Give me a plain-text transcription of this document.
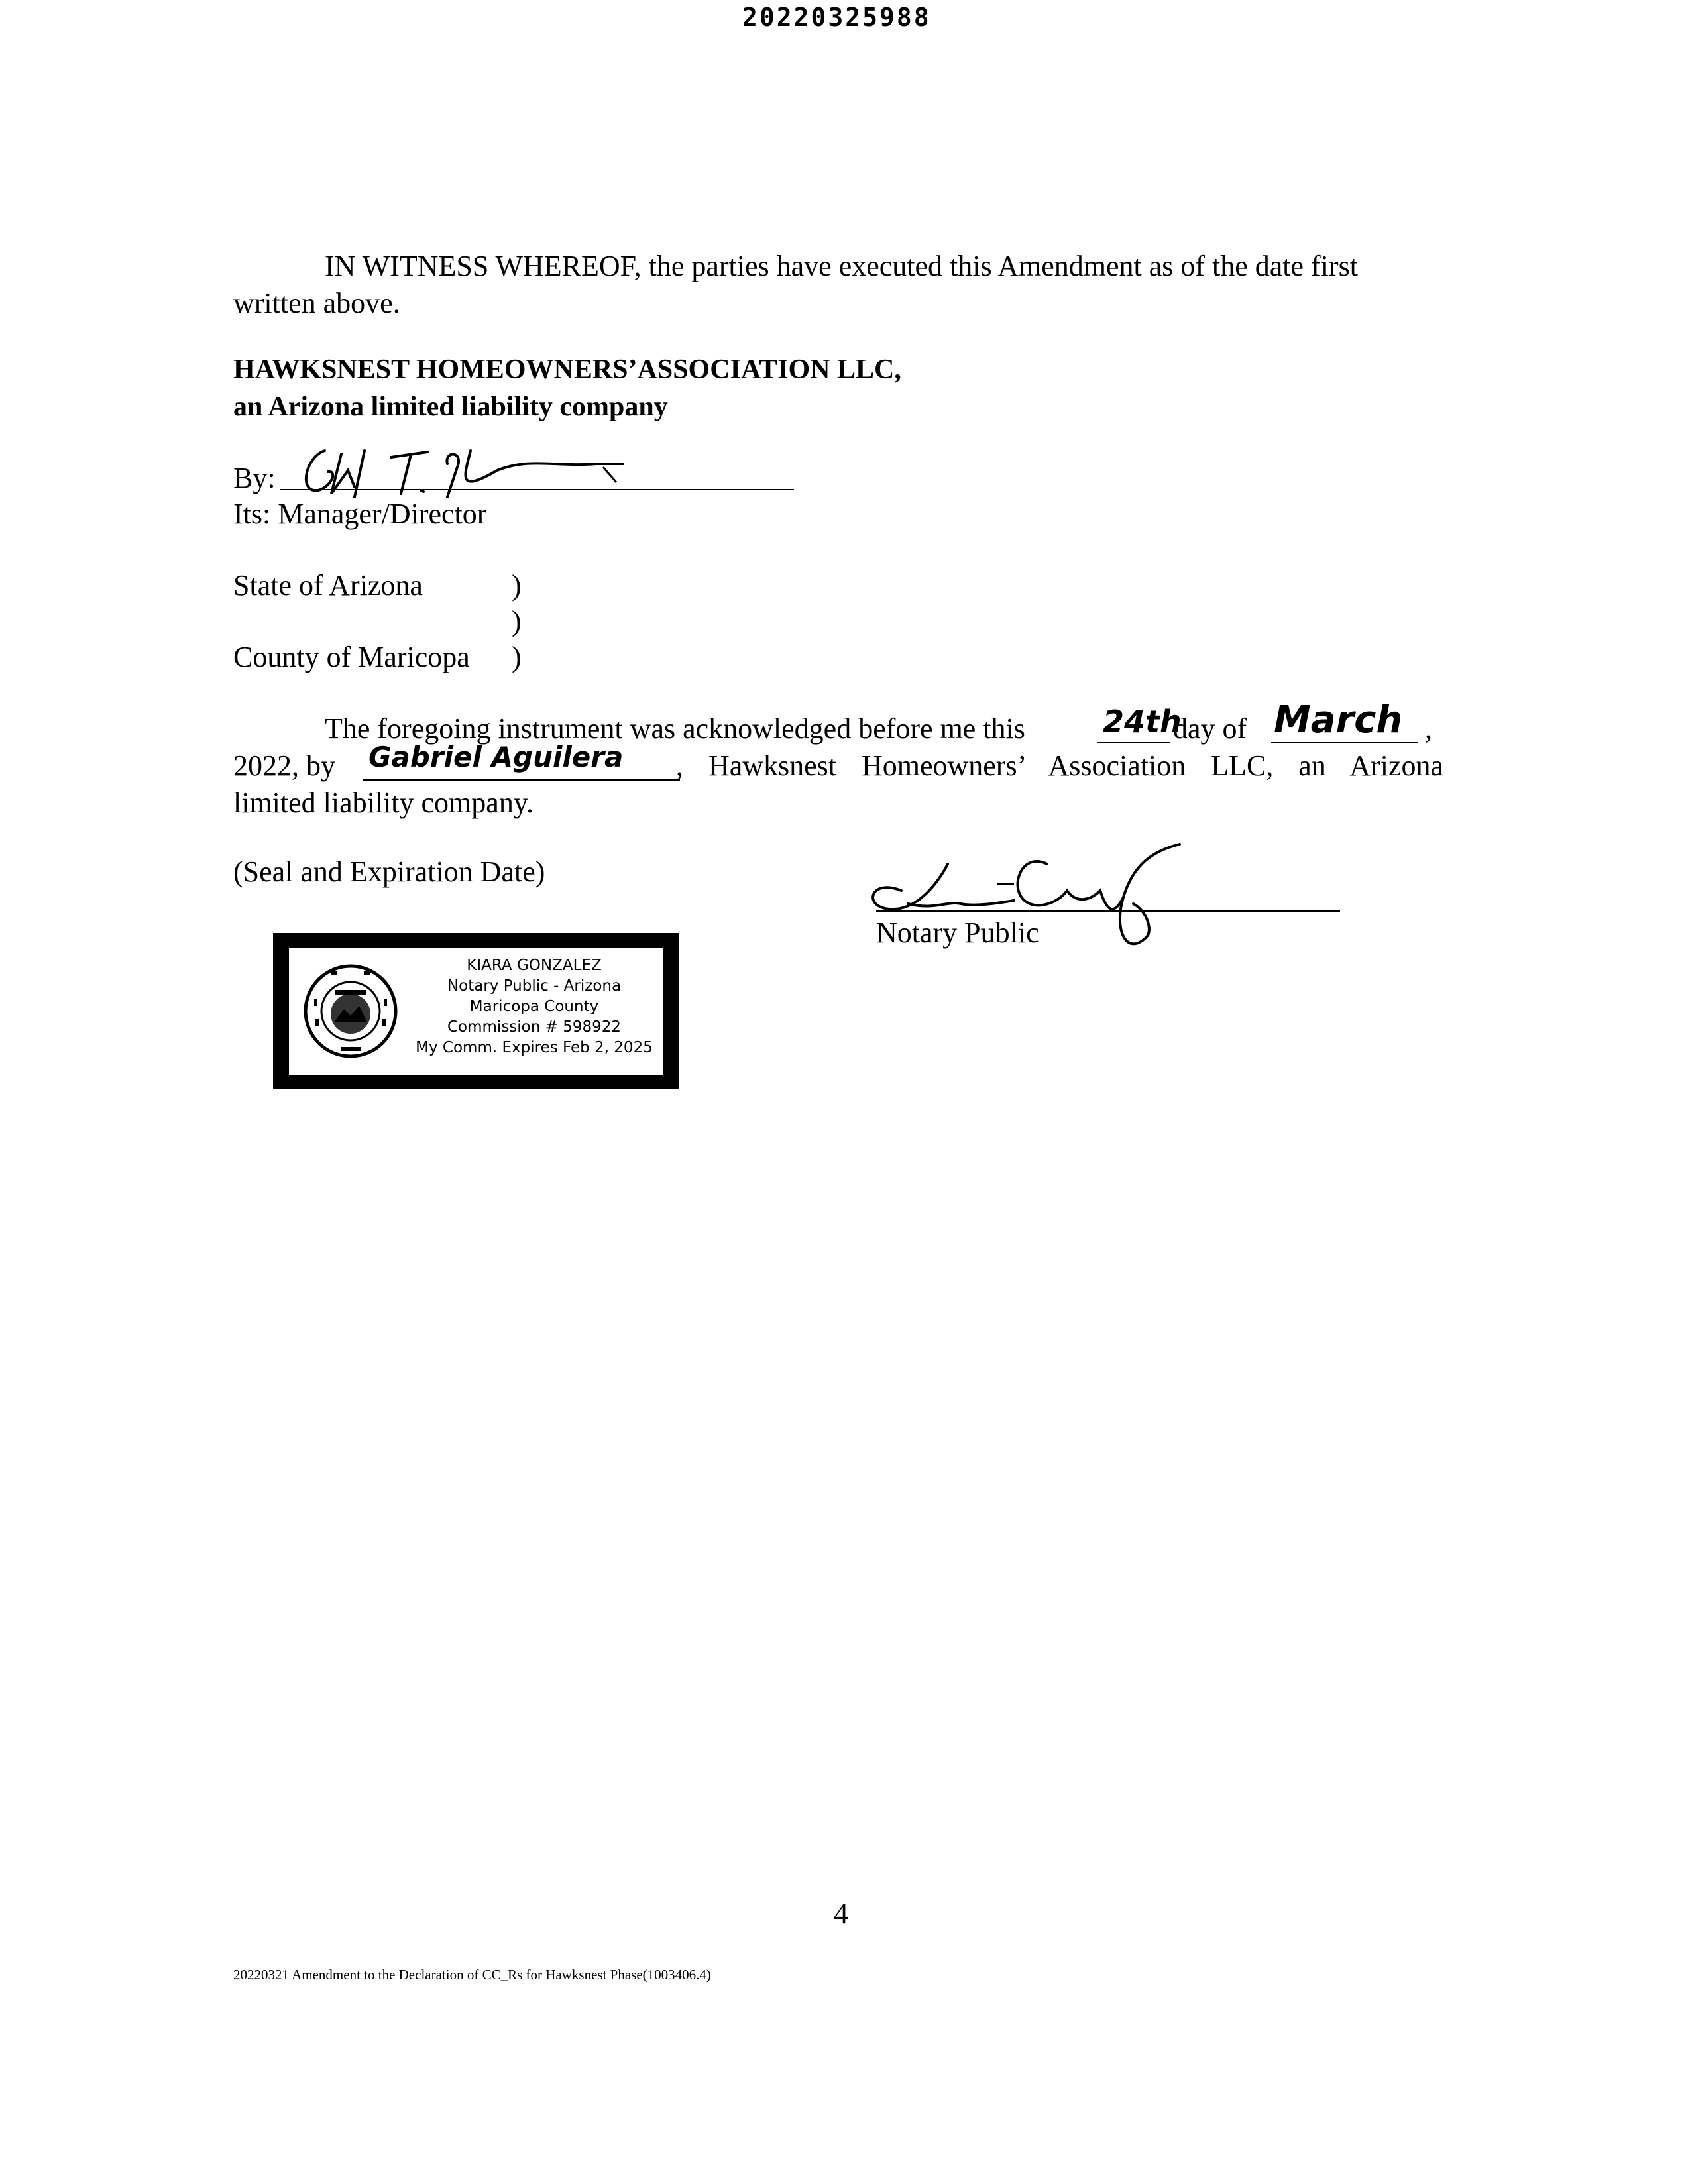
20220325988
IN WITNESS WHEREOF, the parties have executed this Amendment as of the date first
written above.
HAWKSNEST HOMEOWNERS’ASSOCIATION LLC,
an Arizona limited liability company
By:
Its: Manager/Director
State of Arizona	)
)
County of Maricopa )
The foregoing instrument was acknowledged before me this	24th
day of March ,
2022, by Gabriel Aguilera , Hawksnest Homeowners’ Association LLC, an Arizona
limited liability company.
(Seal and Expiration Date)
Notary Public
KIARA GONZALEZ
Notary Public - Arizona
Maricopa County
Commission # 598922
My Comm. Expires Feb 2, 2025
4
20220321 Amendment to the Declaration of CC_Rs for Hawksnest Phase(1003406.4)
